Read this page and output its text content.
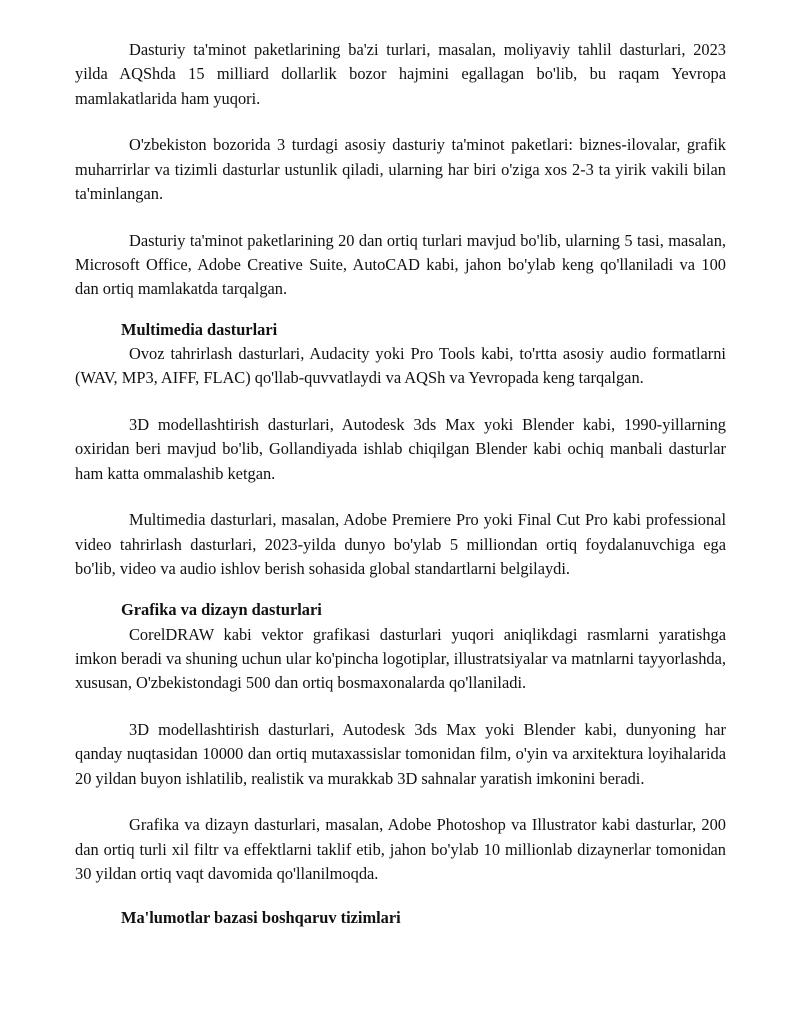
Dasturiy ta'minot paketlarining ba'zi turlari, masalan, moliyaviy tahlil dasturlari, 2023 yilda AQShda 15 milliard dollarlik bozor hajmini egallagan bo'lib, bu raqam Yevropa mamlakatlarida ham yuqori.

O'zbekiston bozorida 3 turdagi asosiy dasturiy ta'minot paketlari: biznes-ilovalar, grafik muharrirlar va tizimli dasturlar ustunlik qiladi, ularning har biri o'ziga xos 2-3 ta yirik vakili bilan ta'minlangan.

Dasturiy ta'minot paketlarining 20 dan ortiq turlari mavjud bo'lib, ularning 5 tasi, masalan, Microsoft Office, Adobe Creative Suite, AutoCAD kabi, jahon bo'ylab keng qo'llaniladi va 100 dan ortiq mamlakatda tarqalgan.

Multimedia dasturlari

Ovoz tahrirlash dasturlari, Audacity yoki Pro Tools kabi, to'rtta asosiy audio formatlarni (WAV, MP3, AIFF, FLAC) qo'llab-quvvatlaydi va AQSh va Yevropada keng tarqalgan.

3D modellashtirish dasturlari, Autodesk 3ds Max yoki Blender kabi, 1990-yillarning oxiridan beri mavjud bo'lib, Gollandiyada ishlab chiqilgan Blender kabi ochiq manbali dasturlar ham katta ommalashib ketgan.

Multimedia dasturlari, masalan, Adobe Premiere Pro yoki Final Cut Pro kabi professional video tahrirlash dasturlari, 2023-yilda dunyo bo'ylab 5 milliondan ortiq foydalanuvchiga ega bo'lib, video va audio ishlov berish sohasida global standartlarni belgilaydi.

Grafika va dizayn dasturlari

CorelDRAW kabi vektor grafikasi dasturlari yuqori aniqlikdagi rasmlarni yaratishga imkon beradi va shuning uchun ular ko'pincha logotiplar, illustratsiyalar va matnlarni tayyorlashda, xususan, O'zbekistondagi 500 dan ortiq bosmaxonalarda qo'llaniladi.

3D modellashtirish dasturlari, Autodesk 3ds Max yoki Blender kabi, dunyoning har qanday nuqtasidan 10000 dan ortiq mutaxassislar tomonidan film, o'yin va arxitektura loyihalarida 20 yildan buyon ishlatilib, realistik va murakkab 3D sahnalar yaratish imkonini beradi.

Grafika va dizayn dasturlari, masalan, Adobe Photoshop va Illustrator kabi dasturlar, 200 dan ortiq turli xil filtr va effektlarni taklif etib, jahon bo'ylab 10 millionlab dizaynerlar tomonidan 30 yildan ortiq vaqt davomida qo'llanilmoqda.

Ma'lumotlar bazasi boshqaruv tizimlari
